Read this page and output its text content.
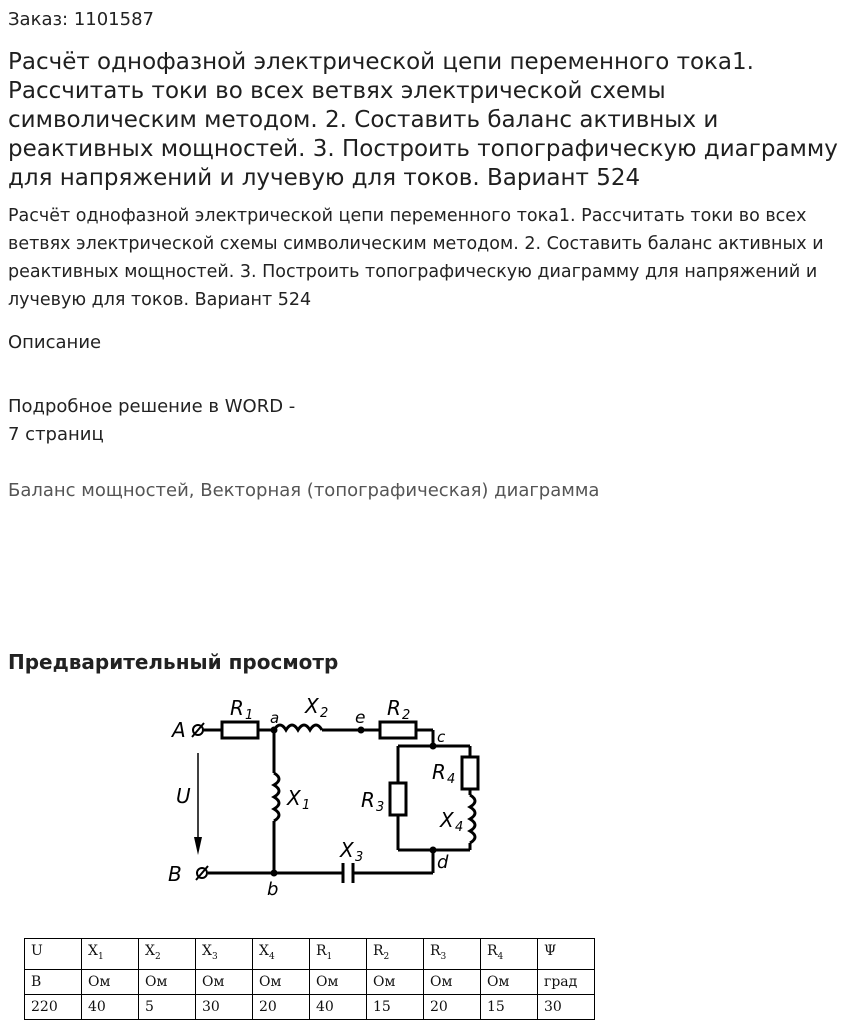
Заказ: 1101587
Расчёт однофазной электрической цепи переменного тока1. Рассчитать токи во всех ветвях электрической схемы символическим методом. 2. Составить баланс активных и реактивных мощностей. 3. Построить топографическую диаграмму для напряжений и лучевую для токов. Вариант 524
Расчёт однофазной электрической цепи переменного тока1. Рассчитать токи во всех ветвях электрической схемы символическим методом. 2. Составить баланс активных и реактивных мощностей. 3. Построить топографическую диаграмму для напряжений и лучевую для токов. Вариант 524
Описание
Подробное решение в WORD -
7 страниц
Баланс мощностей, Векторная (топографическая) диаграмма
Предварительный просмотр
A
B
U
R 1	X 2	R 2
X 1	R 3
R 4
X 4
X 3
a	e
c
d
b
U	$X_1$	$X_2$	$X_3$	$X_4$	$R_1$	$R_2$	$R_3$	$R_4$	Ψ
В	Ом	Ом	Ом	Ом	Ом	Ом	Ом	Ом	град
220	40	5	30	20	40	15	20	15	30
